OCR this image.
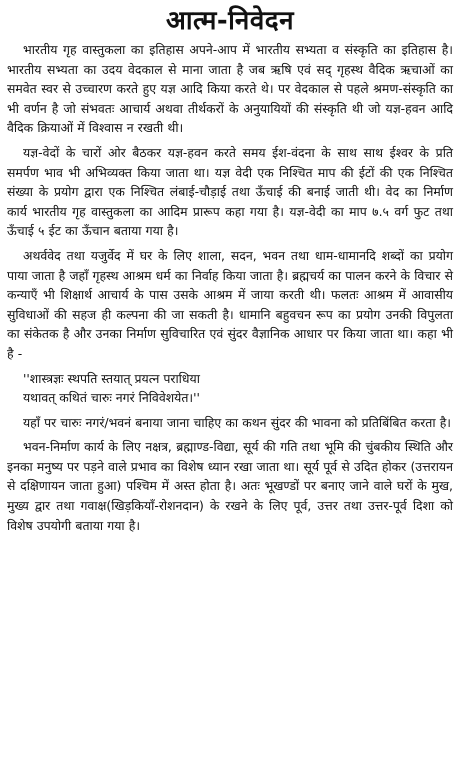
आत्म-निवेदन

भारतीय गृह वास्तुकला का इतिहास अपने-आप में भारतीय सभ्यता व संस्कृति का इतिहास है। भारतीय सभ्यता का उदय वेदकाल से माना जाता है जब ऋषि एवं सद् गृहस्थ वैदिक ऋचाओं का समवेत स्वर से उच्चारण करते हुए यज्ञ आदि किया करते थे। पर वेदकाल से पहले श्रमण-संस्कृति का भी वर्णन है जो संभवतः आचार्य अथवा तीर्थकरों के अनुयायियों की संस्कृति थी जो यज्ञ-हवन आदि वैदिक क्रियाओं में विश्वास न रखती थी।

यज्ञ-वेदों के चारों ओर बैठकर यज्ञ-हवन करते समय ईश-वंदना के साथ साथ ईश्वर के प्रति समर्पण भाव भी अभिव्यक्त किया जाता था। यज्ञ वेदी एक निश्चित माप की ईटों की एक निश्चित संख्या के प्रयोग द्वारा एक निश्चित लंबाई-चौड़ाई तथा ऊँचाई की बनाई जाती थी। वेद का निर्माण कार्य भारतीय गृह वास्तुकला का आदिम प्रारूप कहा गया है। यज्ञ-वेदी का माप ७.५ वर्ग फुट तथा ऊँचाई ५ ईट का ऊँचान बताया गया है।

अथर्ववेद तथा यजुर्वेद में घर के लिए शाला, सदन, भवन तथा धाम-धामानदि शब्दों का प्रयोग पाया जाता है जहाँ गृहस्थ आश्रम धर्म का निर्वाह किया जाता है। ब्रह्मचर्य का पालन करने के विचार से कन्याएँ भी शिक्षार्थ आचार्य के पास उसके आश्रम में जाया करती थी। फलतः आश्रम में आवासीय सुविधाओं की सहज ही कल्पना की जा सकती है। धामानि बहुवचन रूप का प्रयोग उनकी विपुलता का संकेतक है और उनका निर्माण सुविचारित एवं सुंदर वैज्ञानिक आधार पर किया जाता था। कहा भी है -

''शास्त्रज्ञः स्थपति स्तयात् प्रयत्न पराधिया
यथावत् कथितं चारुः नगरं निविवेशयेत।''

यहाँ पर चारुः नगरं/भवनं बनाया जाना चाहिए का कथन सुंदर की भावना को प्रतिबिंबित करता है।

भवन-निर्माण कार्य के लिए नक्षत्र, ब्रह्माण्ड-विद्या, सूर्य की गति तथा भूमि की चुंबकीय स्थिति और इनका मनुष्य पर पड़ने वाले प्रभाव का विशेष ध्यान रखा जाता था। सूर्य पूर्व से उदित होकर (उत्तरायन से दक्षिणायन जाता हुआ) पश्चिम में अस्त होता है। अतः भूखण्डों पर बनाए जाने वाले घरों के मुख, मुख्य द्वार तथा गवाक्ष(खिड़कियाँ-रोशनदान) के रखने के लिए पूर्व, उत्तर तथा उत्तर-पूर्व दिशा को विशेष उपयोगी बताया गया है।
